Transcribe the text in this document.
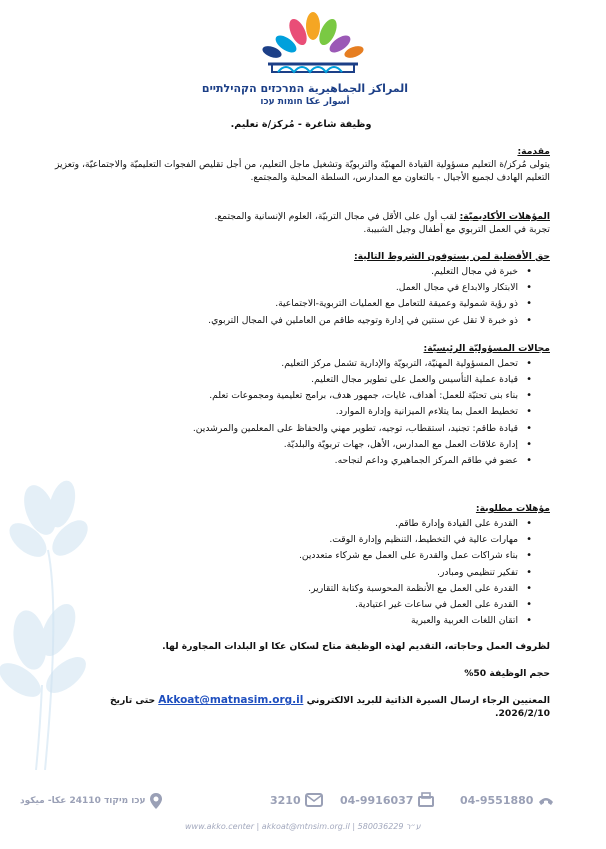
المراكز الجماهيرية המרכזים הקהילתיים
أسوار عكا חומות עכו

وظيفة شاغرة - مُركز/ة تعليم.

مقدمة:

يتولى مُركز/ة التعليم مسؤولية القيادة المهنيّة والتربويّة وتشغيل ماجل التعليم، من أجل تقليص الفجوات التعليميّة والاجتماعيّة، وتعزيز التعليم الهادف لجميع الأجيال - بالتعاون مع المدارس، السلطة المحلية والمجتمع.

المؤهلات الأكاديميّة: لقب أول على الأقل في مجال التربيّة، العلوم الإنسانية والمجتمع.

تجربة في العمل التربوي مع أطفال وجيل الشبيبة.

حق الأفضلية لمن يستوفون الشروط التالية:

• خبرة في مجال التعليم.
• الابتكار والابداع في مجال العمل.
• ذو رؤية شمولية وعميقة للتعامل مع العمليات التربوية-الاجتماعية.
• ذو خبرة لا تقل عن سنتين في إدارة وتوجيه طاقم من العاملين في المجال التربوي.

مجالات المسؤوليّة الرئيسيّة:

• تحمل المسؤولية المهنيّة، التربويّة والإدارية تشمل مركز التعليم.
• قيادة عملية التأسيس والعمل على تطوير مجال التعليم.
• بناء بنى تحتيّة للعمل: أهداف، غايات، جمهور هدف، برامج تعليمية ومجموعات تعلم.
• تخطيط العمل بما يتلاءم الميزانية وإدارة الموارد.
• قيادة طاقم: تجنيد، استقطاب، توجيه، تطوير مهني والحفاظ على المعلمين والمرشدين.
• إدارة علاقات العمل مع المدارس، الأهل، جهات تربويّة والبلديّة.
• عضو في طاقم المركز الجماهيري وداعم لنجاحه.

مؤهلات مطلوبة:

• القدرة على القيادة وإدارة طاقم.
• مهارات عالية في التخطيط، التنظيم وإدارة الوقت.
• بناء شراكات عمل والقدرة على العمل مع شركاء متعددين.
• تفكير تنظيمي ومبادر.
• القدرة على العمل مع الأنظمة المحوسبة وكتابة التقارير.
• القدرة على العمل في ساعات غير اعتيادية.
• اتقان اللغات العربية والعبرية

لظروف العمل وحاجاته، التقديم لهذه الوظيفة متاح لسكان عكا او البلدات المجاورة لها.

حجم الوظيفة 50%

المعنيين الرجاء ارسال السيرة الذاتية للبريد الالكتروني Akkoat@matnasim.org.il حتى تاريخ

2026/2/10.

עכו מיקוד 24110 عكا- ميكود	3210	04-9916037	04-9551880
www.akko.center | akkoat@mtnsim.org.il | ע״ר 580036229
